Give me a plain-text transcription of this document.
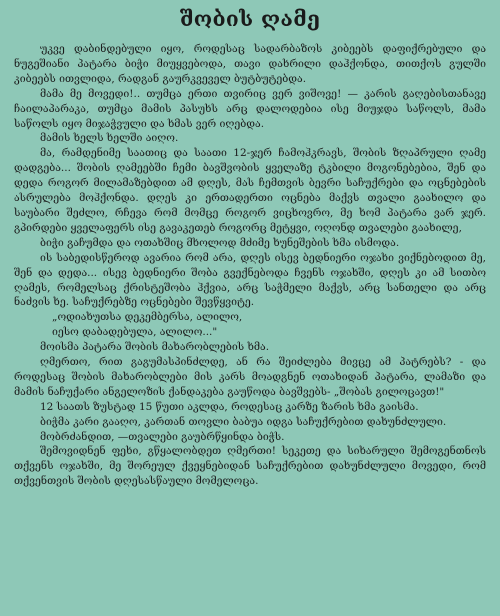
შობის ღამე

უკვე დაბინდებული იყო, როდესაც სადარბაზოს კიბეებს დაფიქრებული და ნუგეშიანი პატარა ბიჭი მიუყვებოდა, თავი დახრილი დაჰქონდა, თითქოს გულში კიბეებს ითვლიდა, რადგან გაურკვეველ ბუტბუტებდა.

მამა მე მოვედი!.. თუმცა ერთი თვირიც ვერ ვიშოვე! — კარის გაღებისთანავე ჩაილაპარაკა, თუმცა მამის პასუხს არც დალოდებია ისე მიუჯდა საწოლს, მამა საწოლს იყო მიჯაჭვული და ხმას ვერ იღებდა.

მამის ხელს ხელში აიღო.

მა, რამდენიმე საათიც და საათი 12-ჯერ ჩამოჰკრავს, შობის ზღაპრული ღამე დადგება... შობის ღამეებში ჩემი ბავშვობის ყველაზე ტკბილი მოგონებებია, შენ და დედა როგორ მილამაზებდით ამ დღეს, მას ჩემთვის ბევრი საჩუქრები და ოცნებების ასრულება მოჰქონდა. დღეს კი ერთადერთი ოცნება მაქვს თვალი გაახილო და საუბარი შეძლო, რჩევა რომ მომცე როგორ ვიცხოვრო, მე ხომ პატარა ვარ ჯერ. გპირდები ყველაფერს ისე გავაკეთებ როგორც მეტყვი, ოღონდ თვალები გაახილე,

ბიჭი გაჩუმდა და ოთახშიც მხოლოდ მძიმე ხუნეშების ხმა ისმოდა.

ის საბედისწეროდ ავარია რომ არა, დღეს ისევ ბედნიერი ოჯახი ვიქნებოდით მე, შენ და დედა... ისევ ბედნიერი შობა გვექნებოდა ჩვენს ოჯახში, დღეს კი ამ სითბო ღამეს, რომელსაც ქრისტეშობა ჰქვია, არც საჭმელი მაქვს, არც სანთელი და არც ნაძვის ხე. საჩუქრებზე ოცნებები შევწყვიტე.

„ოდიახუთსა დეკემბერსა, ალილო,

იესო დაბადებულა, ალილო..."

მოისმა პატარა შობის მახარობლების ხმა.

ღმერთო, რით გაგუმასპინძლდე, ან რა შეიძლება მივცე ამ პატრებს? - და როდესაც შობის მახარობლები მის კარს მოადგნენ ოთახიდან პატარა, ლამაზი და მამის ნაჩუქარი ანგელოზის ქანდაკება გაუწოდა ბავშვებს- „შობას გილოცავთ!"

12 საათს ზუსტად 15 წუთი აკლდა, როდესაც კარზე ზარის ხმა გაისმა.

ბიჭმა კარი გააღო, კართან თოვლი ბაბუა იდგა საჩუქრებით დახუნძლული.

მობრძანდით, —თვალები გაუბრწყინდა ბიჭს.

შემოვიდნენ ფეხი, გწყალობდეთ ღმერთი! სეკეთე და სიხარული შემოგენთნოს თქვენს ოჯახში, მე შორეულ ქვეყნებიდან საჩუქრებით დახუნძლული მოვედი, რომ თქვენთვის შობის დღესასწაული მომელოცა.
